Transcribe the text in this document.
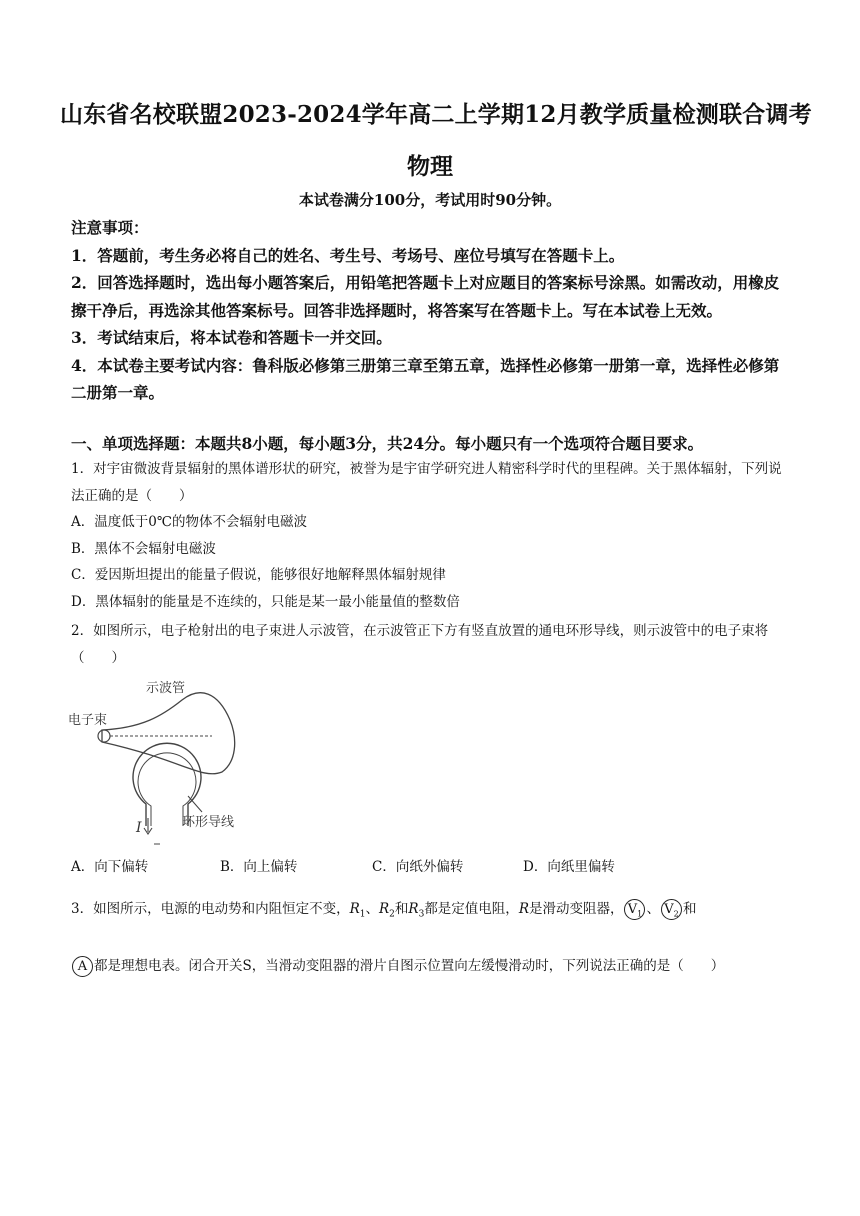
山东省名校联盟2023-2024学年高二上学期12月教学质量检测联合调考
物理
本试卷满分100分，考试用时90分钟。

注意事项：

1．答题前，考生务必将自己的姓名、考生号、考场号、座位号填写在答题卡上。

2．回答选择题时，选出每小题答案后，用铅笔把答题卡上对应题目的答案标号涂黑。如需改动，用橡皮擦干净后，再选涂其他答案标号。回答非选择题时，将答案写在答题卡上。写在本试卷上无效。

3．考试结束后，将本试卷和答题卡一并交回。

4．本试卷主要考试内容：鲁科版必修第三册第三章至第五章，选择性必修第一册第一章，选择性必修第二册第一章。

一、单项选择题：本题共8小题，每小题3分，共24分。每小题只有一个选项符合题目要求。

1．对宇宙微波背景辐射的黑体谱形状的研究，被誉为是宇宙学研究进人精密科学时代的里程碑。关于黑体辐射，下列说法正确的是（　　）

A．温度低于0℃的物体不会辐射电磁波

B．黑体不会辐射电磁波

C．爱因斯坦提出的能量子假说，能够很好地解释黑体辐射规律

D．黑体辐射的能量是不连续的，只能是某一最小能量值的整数倍

2．如图所示，电子枪射出的电子束进人示波管，在示波管正下方有竖直放置的通电环形导线，则示波管中的电子束将（　　）

示波管
电子束
环形导线
I
A．向下偏转	B．向上偏转	C．向纸外偏转	D．向纸里偏转

3．如图所示，电源的电动势和内阻恒定不变，$R_1$、$R_2$和$R_3$都是定值电阻，R是滑动变阻器， $V_1$ 、 $V_2$ 和
A 都是理想电表。闭合开关S，当滑动变阻器的滑片自图示位置向左缓慢滑动时，下列说法正确的是（　　）
